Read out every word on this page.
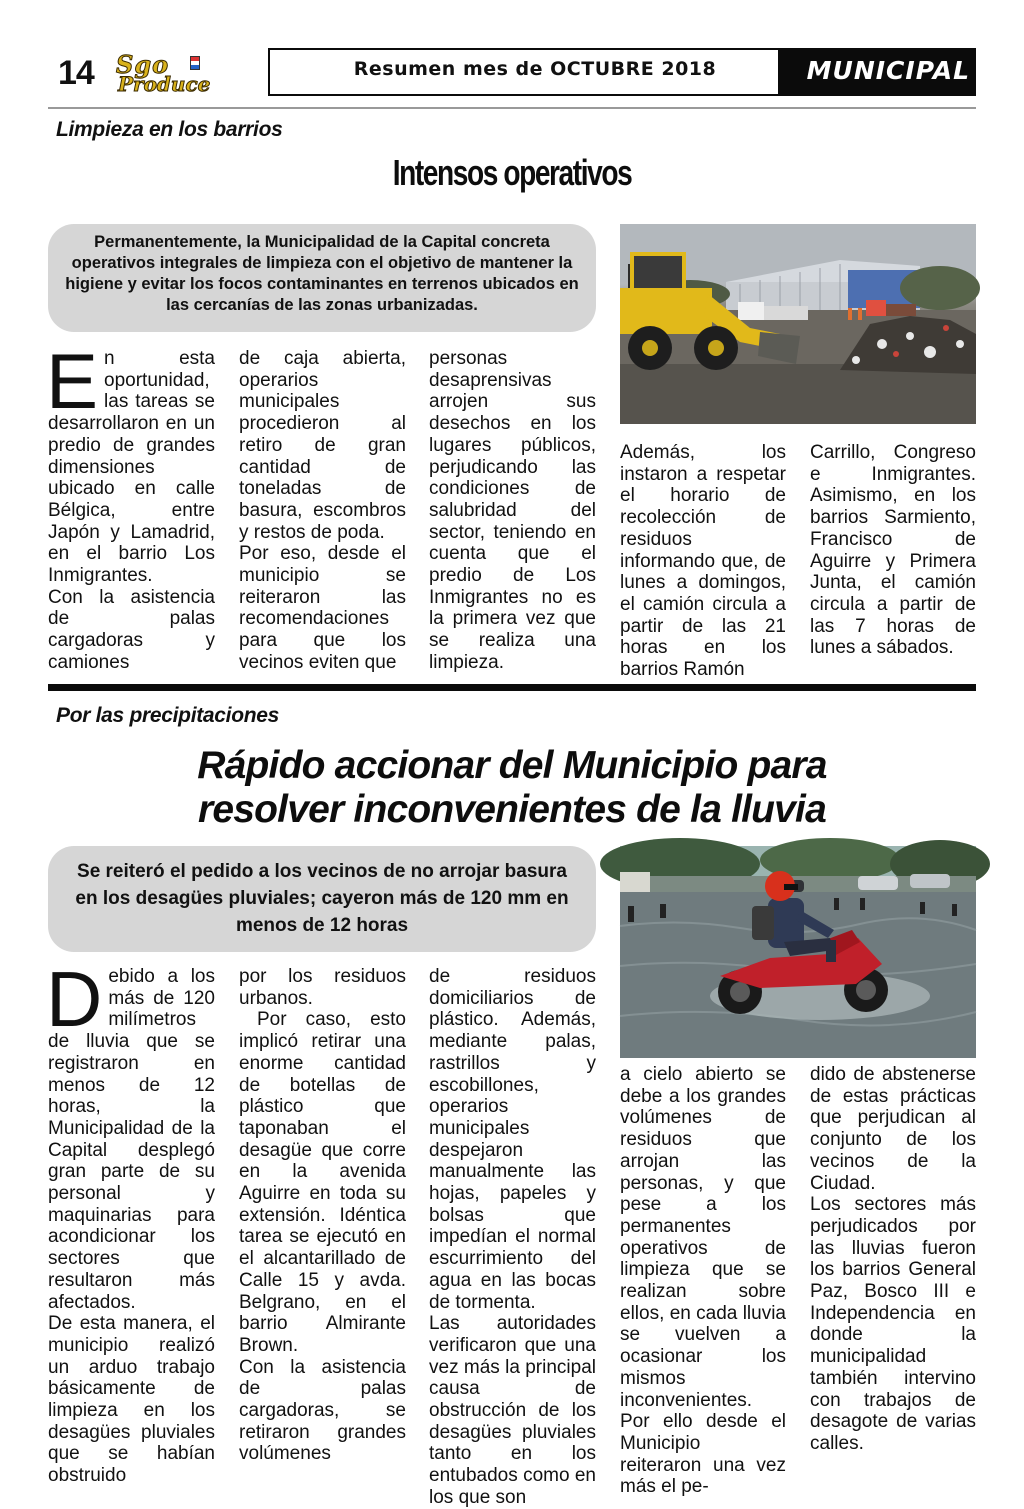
14 Sgo
Produce
Resumen mes de OCTUBRE 2018	MUNICIPAL
Limpieza en los barrios
Intensos operativos
Permanentemente, la Municipalidad de la Capital concreta operativos integrales de limpieza con el objetivo de mantener la higiene y evitar los focos contaminantes en terrenos ubicados en las cercanías de las zonas urbanizadas.
E n esta oportunidad, las tareas se desarrollaron en un predio de grandes dimensiones ubicado en calle Bélgica, entre Japón y Lamadrid, en el barrio Los Inmigrantes.

Con la asistencia de palas cargadoras y camiones

de caja abierta, operarios municipales procedieron al retiro de gran cantidad de toneladas de basura, escombros y restos de poda.

Por eso, desde el municipio se reiteraron las recomendaciones para que los vecinos eviten que

personas desaprensivas arrojen sus desechos en los lugares públicos, perjudicando las condiciones de salubridad del sector, teniendo en cuenta que el predio de Los Inmigrantes no es la primera vez que se realiza una limpieza.

Además, los instaron a respetar el horario de recolección de residuos informando que, de lunes a domingos, el camión circula a partir de las 21 horas en los barrios Ramón

Carrillo, Congreso e Inmigrantes. Asimismo, en los barrios Sarmiento, Francisco de Aguirre y Primera Junta, el camión circula a partir de las 7 horas de lunes a sábados.

Por las precipitaciones
Rápido accionar del Municipio para
resolver inconvenientes de la lluvia
Se reiteró el pedido a los vecinos de no arrojar basura en los desagües pluviales; cayeron más de 120 mm en menos de 12 horas
D ebido a los más de 120 milímetros de lluvia que se registraron en menos de 12 horas, la Municipalidad de la Capital desplegó gran parte de su personal y maquinarias para acondicionar los sectores que resultaron más afectados.

De esta manera, el municipio realizó un arduo trabajo básicamente de limpieza en los desagües pluviales que se habían obstruido

por los residuos urbanos.

Por caso, esto implicó retirar una enorme cantidad de botellas de plástico que taponaban el desagüe que corre en la avenida Aguirre en toda su extensión. Idéntica tarea se ejecutó en el alcantarillado de Calle 15 y avda. Belgrano, en el barrio Almirante Brown.

Con la asistencia de palas cargadoras, se retiraron grandes volúmenes

de residuos domiciliarios de plástico. Además, mediante palas, rastrillos y escobillones, operarios municipales despejaron manualmente las hojas, papeles y bolsas que impedían el normal escurrimiento del agua en las bocas de tormenta.

Las autoridades verificaron que una vez más la principal causa de obstrucción de los desagües pluviales tanto en los entubados como en los que son

a cielo abierto se debe a los grandes volúmenes de residuos que arrojan las personas, y que pese a los permanentes operativos de limpieza que se realizan sobre ellos, en cada lluvia se vuelven a ocasionar los mismos inconvenientes.

Por ello desde el Municipio reiteraron una vez más el pe-

dido de abstenerse de estas prácticas que perjudican al conjunto de los vecinos de la Ciudad.

Los sectores más perjudicados por las lluvias fueron los barrios General Paz, Bosco III e Independencia en donde la municipalidad también intervino con trabajos de desagote de varias calles.
